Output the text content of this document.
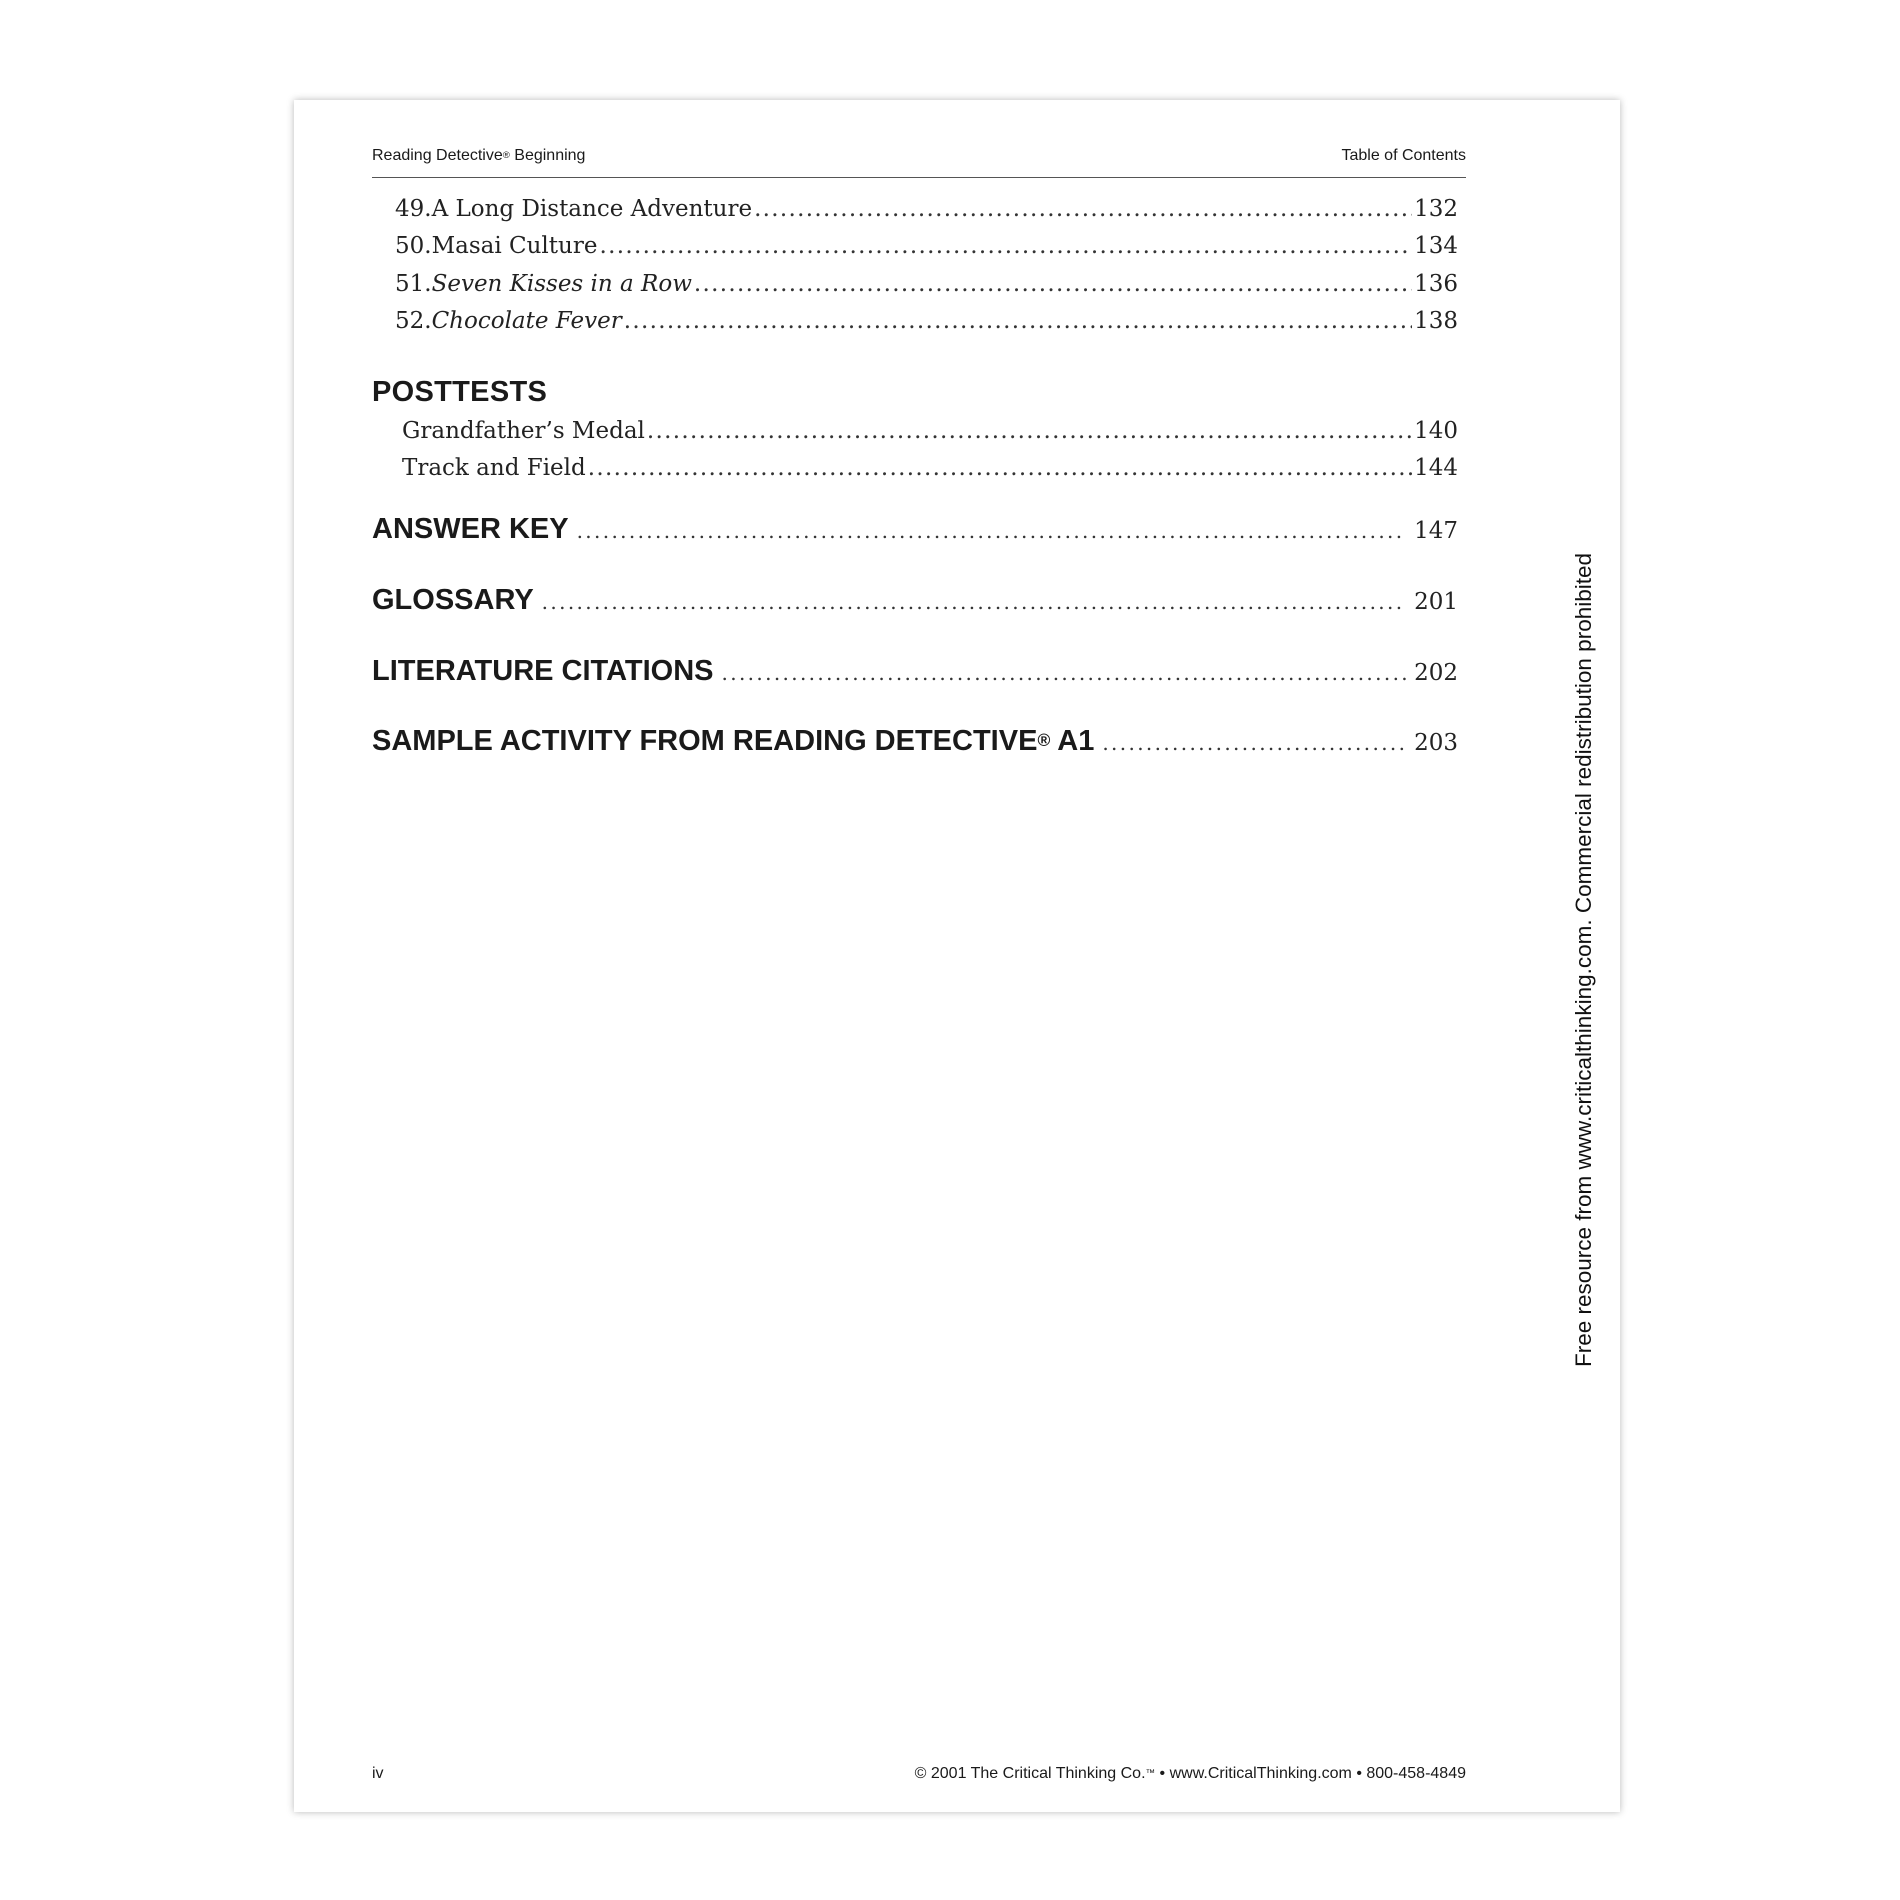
Reading Detective® Beginning	Table of Contents
49. A Long Distance Adventure . . .	132
50. Masai Culture . . .	134
51. Seven Kisses in a Row . . .	136
52. Chocolate Fever . . .	138
POSTTESTS
Grandfather’s Medal . . .	140
Track and Field . . .	144
ANSWER KEY . . .	147
GLOSSARY . . .	201
LITERATURE CITATIONS . . .	202
SAMPLE ACTIVITY FROM READING DETECTIVE® A1 . . .	203
iv	© 2001 The Critical Thinking Co.™ • www.CriticalThinking.com • 800-458-4849
Free resource from www.criticalthinking.com. Commercial redistribution prohibited
